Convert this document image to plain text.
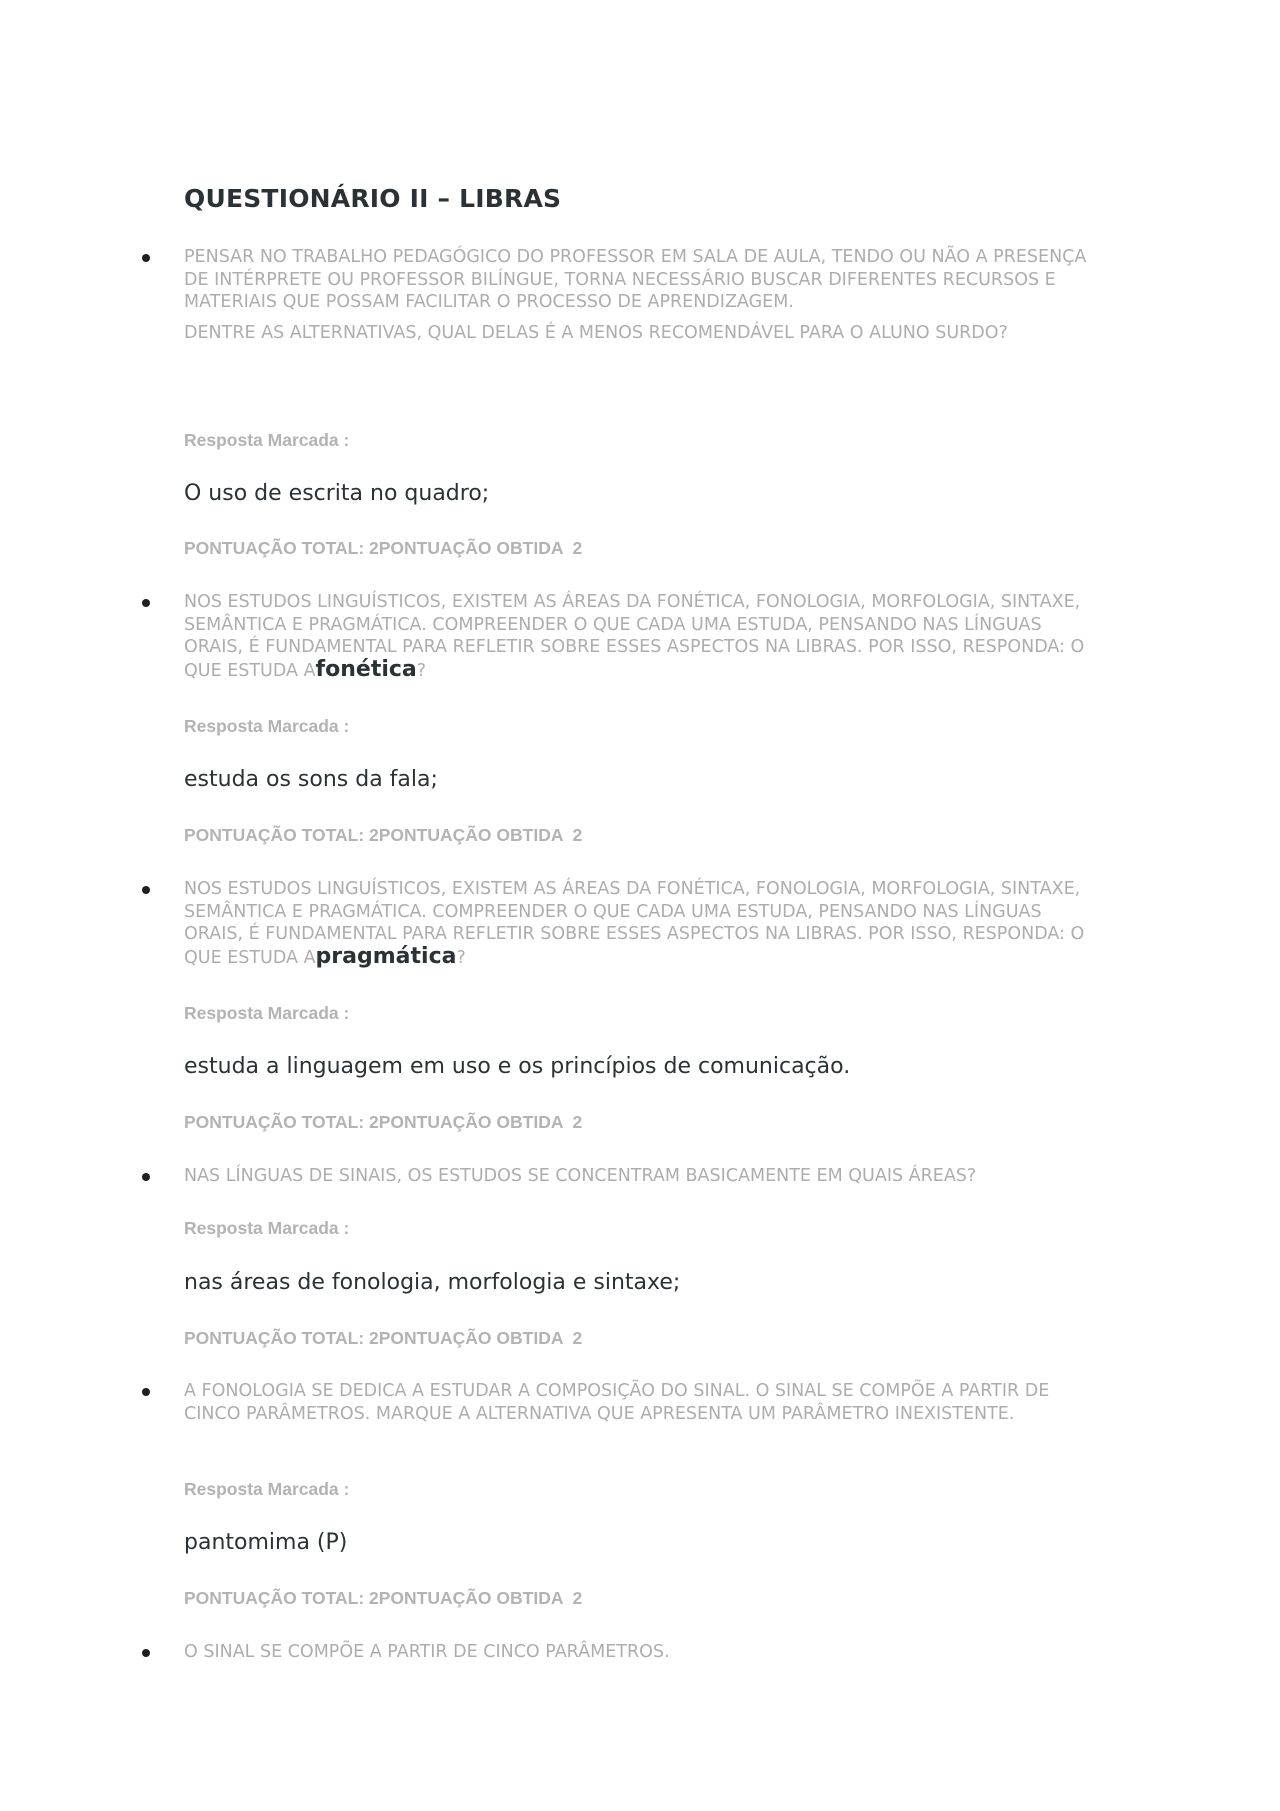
QUESTIONÁRIO II – LIBRAS

PENSAR NO TRABALHO PEDAGÓGICO DO PROFESSOR EM SALA DE AULA, TENDO OU NÃO A PRESENÇA DE INTÉRPRETE OU PROFESSOR BILÍNGUE, TORNA NECESSÁRIO BUSCAR DIFERENTES RECURSOS E MATERIAIS QUE POSSAM FACILITAR O PROCESSO DE APRENDIZAGEM.

DENTRE AS ALTERNATIVAS, QUAL DELAS É A MENOS RECOMENDÁVEL PARA O ALUNO SURDO?

Resposta Marcada :
O uso de escrita no quadro;
PONTUAÇÃO TOTAL: 2PONTUAÇÃO OBTIDA  2

NOS ESTUDOS LINGUÍSTICOS, EXISTEM AS ÁREAS DA FONÉTICA, FONOLOGIA, MORFOLOGIA, SINTAXE, SEMÂNTICA E PRAGMÁTICA. COMPREENDER O QUE CADA UMA ESTUDA, PENSANDO NAS LÍNGUAS ORAIS, É FUNDAMENTAL PARA REFLETIR SOBRE ESSES ASPECTOS NA LIBRAS. POR ISSO, RESPONDA: O QUE ESTUDA Afonética?

Resposta Marcada :
estuda os sons da fala;
PONTUAÇÃO TOTAL: 2PONTUAÇÃO OBTIDA  2

NOS ESTUDOS LINGUÍSTICOS, EXISTEM AS ÁREAS DA FONÉTICA, FONOLOGIA, MORFOLOGIA, SINTAXE, SEMÂNTICA E PRAGMÁTICA. COMPREENDER O QUE CADA UMA ESTUDA, PENSANDO NAS LÍNGUAS ORAIS, É FUNDAMENTAL PARA REFLETIR SOBRE ESSES ASPECTOS NA LIBRAS. POR ISSO, RESPONDA: O QUE ESTUDA Apragmática?

Resposta Marcada :
estuda a linguagem em uso e os princípios de comunicação.
PONTUAÇÃO TOTAL: 2PONTUAÇÃO OBTIDA  2

NAS LÍNGUAS DE SINAIS, OS ESTUDOS SE CONCENTRAM BASICAMENTE EM QUAIS ÁREAS?

Resposta Marcada :
nas áreas de fonologia, morfologia e sintaxe;
PONTUAÇÃO TOTAL: 2PONTUAÇÃO OBTIDA  2

A FONOLOGIA SE DEDICA A ESTUDAR A COMPOSIÇÃO DO SINAL. O SINAL SE COMPÕE A PARTIR DE CINCO PARÂMETROS. MARQUE A ALTERNATIVA QUE APRESENTA UM PARÂMETRO INEXISTENTE.

Resposta Marcada :
pantomima (P)
PONTUAÇÃO TOTAL: 2PONTUAÇÃO OBTIDA  2

O SINAL SE COMPÕE A PARTIR DE CINCO PARÂMETROS.
